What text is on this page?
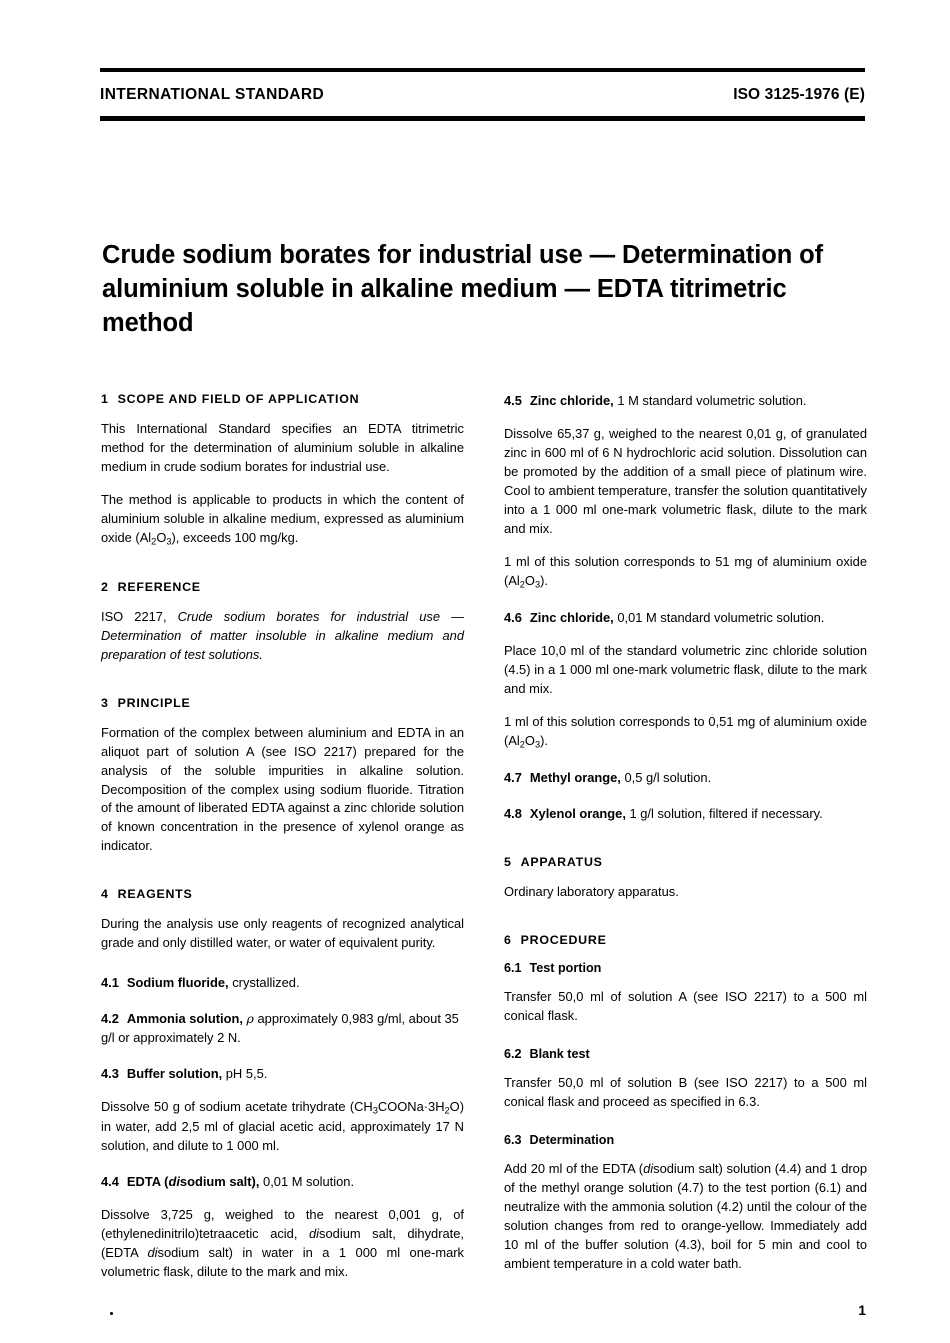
INTERNATIONAL STANDARD	ISO 3125-1976 (E)
Crude sodium borates for industrial use — Determination of aluminium soluble in alkaline medium — EDTA titrimetric method
1 SCOPE AND FIELD OF APPLICATION

This International Standard specifies an EDTA titrimetric method for the determination of aluminium soluble in alkaline medium in crude sodium borates for industrial use.

The method is applicable to products in which the content of aluminium soluble in alkaline medium, expressed as aluminium oxide $(Al_2O_3)$, exceeds 100 mg/kg.

2 REFERENCE

ISO 2217, Crude sodium borates for industrial use — Determination of matter insoluble in alkaline medium and preparation of test solutions.

3 PRINCIPLE

Formation of the complex between aluminium and EDTA in an aliquot part of solution A (see ISO 2217) prepared for the analysis of the soluble impurities in alkaline solution. Decomposition of the complex using sodium fluoride. Titration of the amount of liberated EDTA against a zinc chloride solution of known concentration in the presence of xylenol orange as indicator.

4 REAGENTS

During the analysis use only reagents of recognized analytical grade and only distilled water, or water of equivalent purity.

4.1 Sodium fluoride, crystallized.

4.2 Ammonia solution, ρ approximately 0,983 g/ml, about 35 g/l or approximately 2 N.

4.3 Buffer solution, pH 5,5.

Dissolve 50 g of sodium acetate trihydrate $(CH_3COONa\cdot 3H_2O)$ in water, add 2,5 ml of glacial acetic acid, approximately 17 N solution, and dilute to 1 000 ml.

4.4 EDTA (disodium salt), 0,01 M solution.

Dissolve 3,725 g, weighed to the nearest 0,001 g, of (ethylenedinitrilo)tetraacetic acid, disodium salt, dihydrate, (EDTA disodium salt) in water in a 1 000 ml one-mark volumetric flask, dilute to the mark and mix.

4.5 Zinc chloride, 1 M standard volumetric solution.

Dissolve 65,37 g, weighed to the nearest 0,01 g, of granulated zinc in 600 ml of 6 N hydrochloric acid solution. Dissolution can be promoted by the addition of a small piece of platinum wire. Cool to ambient temperature, transfer the solution quantitatively into a 1 000 ml one-mark volumetric flask, dilute to the mark and mix.

1 ml of this solution corresponds to 51 mg of aluminium oxide $(Al_2O_3)$.

4.6 Zinc chloride, 0,01 M standard volumetric solution.

Place 10,0 ml of the standard volumetric zinc chloride solution (4.5) in a 1 000 ml one-mark volumetric flask, dilute to the mark and mix.

1 ml of this solution corresponds to 0,51 mg of aluminium oxide $(Al_2O_3)$.

4.7 Methyl orange, 0,5 g/l solution.

4.8 Xylenol orange, 1 g/l solution, filtered if necessary.

5 APPARATUS

Ordinary laboratory apparatus.

6 PROCEDURE
6.1 Test portion

Transfer 50,0 ml of solution A (see ISO 2217) to a 500 ml conical flask.

6.2 Blank test

Transfer 50,0 ml of solution B (see ISO 2217) to a 500 ml conical flask and proceed as specified in 6.3.

6.3 Determination

Add 20 ml of the EDTA (disodium salt) solution (4.4) and 1 drop of the methyl orange solution (4.7) to the test portion (6.1) and neutralize with the ammonia solution (4.2) until the colour of the solution changes from red to orange-yellow. Immediately add 10 ml of the buffer solution (4.3), boil for 5 min and cool to ambient temperature in a cold water bath.

1
